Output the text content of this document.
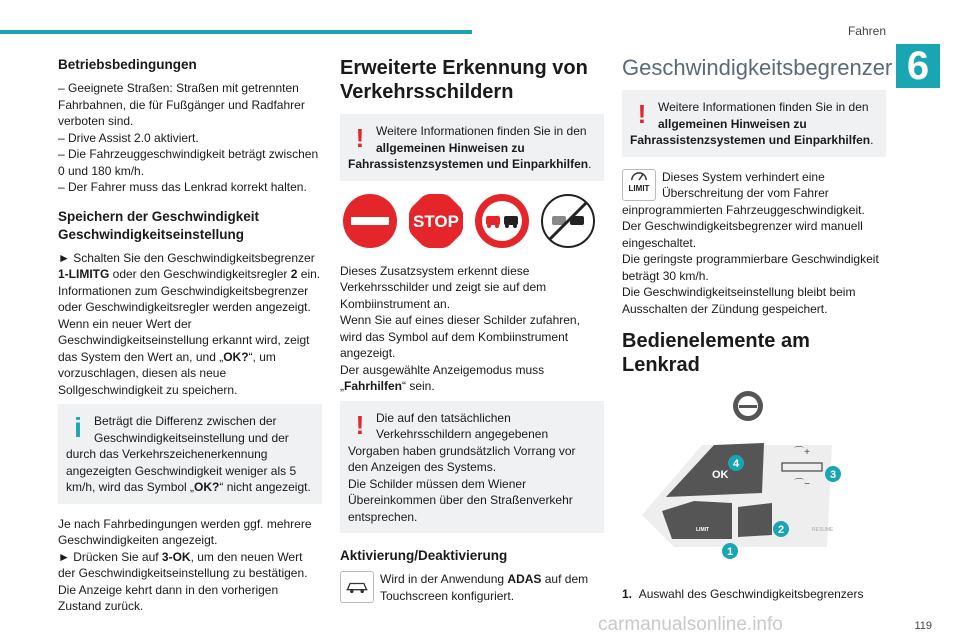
Fahren
6
Betriebsbedingungen

– Geeignete Straßen: Straßen mit getrennten Fahrbahnen, die für Fußgänger und Radfahrer verboten sind.

– Drive Assist 2.0 aktiviert.

– Die Fahrzeuggeschwindigkeit beträgt zwischen 0 und 180 km/h.

– Der Fahrer muss das Lenkrad korrekt halten.

Speichern der Geschwindigkeit Geschwindigkeitseinstellung

► Schalten Sie den Geschwindigkeitsbegrenzer 1-LIMITG oder den Geschwindigkeitsregler 2 ein.

Informationen zum Geschwindigkeitsbegrenzer oder Geschwindigkeitsregler werden angezeigt.

Wenn ein neuer Wert der Geschwindigkeitseinstellung erkannt wird, zeigt das System den Wert an, und „OK?“, um vorzuschlagen, diesen als neue Sollgeschwindigkeit zu speichern.

i	Beträgt die Differenz zwischen der Geschwindigkeitseinstellung und der durch das Verkehrszeichenerkennung angezeigten Geschwindigkeit weniger als 5 km/h, wird das Symbol „OK?“ nicht angezeigt.

Je nach Fahrbedingungen werden ggf. mehrere Geschwindigkeiten angezeigt.

► Drücken Sie auf 3-OK, um den neuen Wert der Geschwindigkeitseinstellung zu bestätigen.

Die Anzeige kehrt dann in den vorherigen Zustand zurück.

Erweiterte Erkennung von Verkehrsschildern
! Weitere Informationen finden Sie in den allgemeinen Hinweisen zu Fahrassistenzsystemen und Einparkhilfen.
STOP

Dieses Zusatzsystem erkennt diese Verkehrsschilder und zeigt sie auf dem Kombiinstrument an.

Wenn Sie auf eines dieser Schilder zufahren, wird das Symbol auf dem Kombiinstrument angezeigt.

Der ausgewählte Anzeigemodus muss „Fahrhilfen“ sein.

! Die auf den tatsächlichen Verkehrsschildern angegebenen Vorgaben haben grundsätzlich Vorrang vor den Anzeigen des Systems.
Die Schilder müssen dem Wiener Übereinkommen über den Straßenverkehr entsprechen.
Aktivierung/Deaktivierung
Wird in der Anwendung ADAS auf dem Touchscreen konfiguriert.
Geschwindigkeitsbegrenzer
! Weitere Informationen finden Sie in den allgemeinen Hinweisen zu Fahrassistenzsystemen und Einparkhilfen.
LIMIT
Dieses System verhindert eine Überschreitung der vom Fahrer einprogrammierten Fahrzeuggeschwindigkeit.

Der Geschwindigkeitsbegrenzer wird manuell eingeschaltet.

Die geringste programmierbare Geschwindigkeit beträgt 30 km/h.

Die Geschwindigkeitseinstellung bleibt beim Ausschalten der Zündung gespeichert.

Bedienelemente am Lenkrad
OK
LIMIT	RESUME
⌒+
⌒−
4
3
2
1

1. Auswahl des Geschwindigkeitsbegrenzers

carmanualsonline.info	119
